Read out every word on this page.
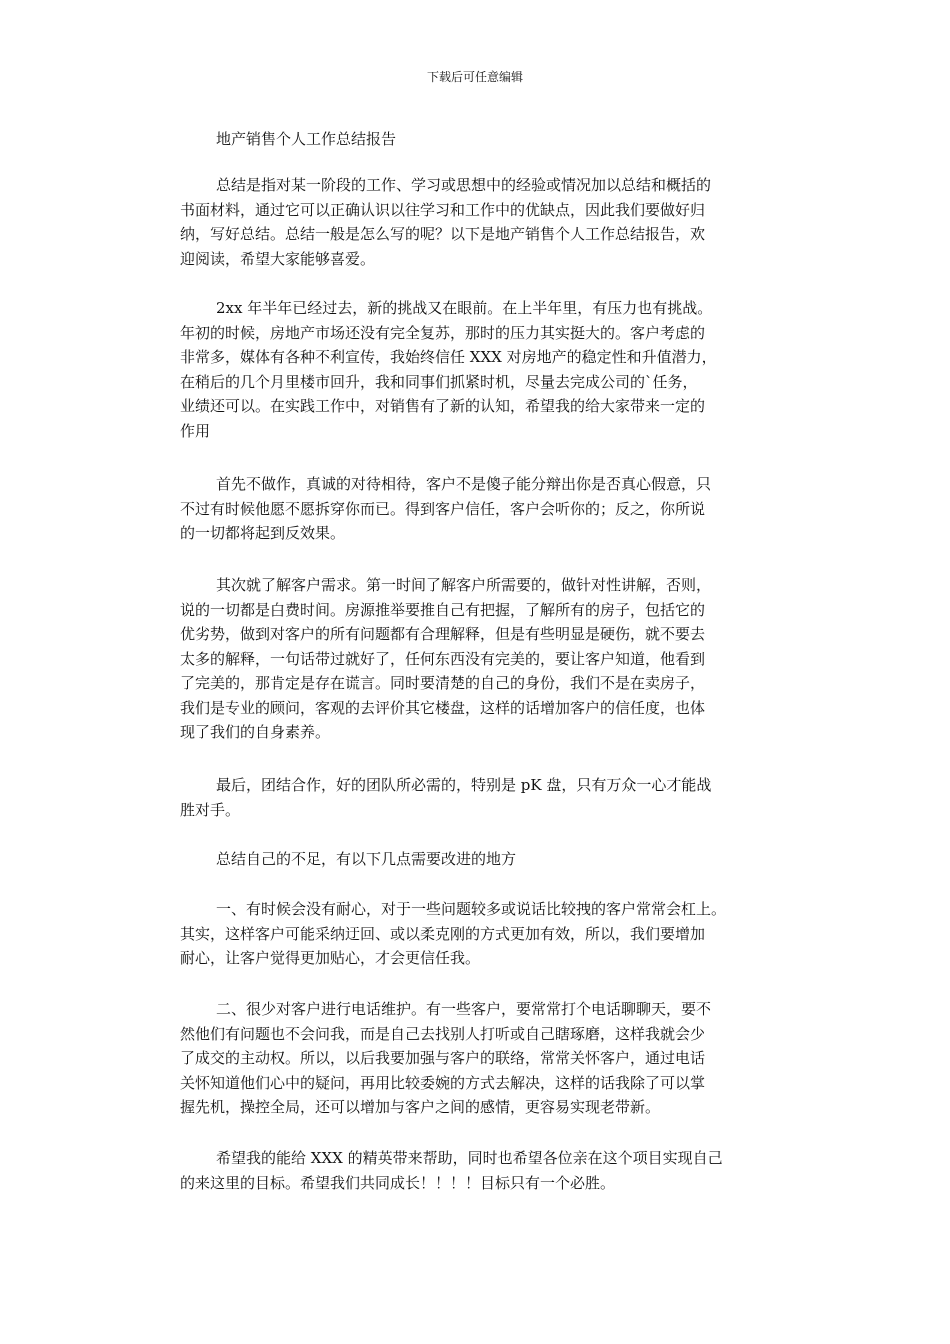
下载后可任意编辑
地产销售个人工作总结报告
总结是指对某一阶段的工作、学习或思想中的经验或情况加以总结和概括的
书面材料，通过它可以正确认识以往学习和工作中的优缺点，因此我们要做好归
纳，写好总结。总结一般是怎么写的呢？以下是地产销售个人工作总结报告，欢
迎阅读，希望大家能够喜爱。
2xx 年半年已经过去，新的挑战又在眼前。在上半年里，有压力也有挑战。
年初的时候，房地产市场还没有完全复苏，那时的压力其实挺大的。客户考虑的
非常多，媒体有各种不利宣传，我始终信任 XXX 对房地产的稳定性和升值潜力，
在稍后的几个月里楼市回升，我和同事们抓紧时机，尽量去完成公司的`任务，
业绩还可以。在实践工作中，对销售有了新的认知，希望我的给大家带来一定的
作用
首先不做作，真诚的对待相待，客户不是傻子能分辩出你是否真心假意，只
不过有时候他愿不愿拆穿你而已。得到客户信任，客户会听你的；反之，你所说
的一切都将起到反效果。
其次就了解客户需求。第一时间了解客户所需要的，做针对性讲解，否则，
说的一切都是白费时间。房源推举要推自己有把握，了解所有的房子，包括它的
优劣势，做到对客户的所有问题都有合理解释，但是有些明显是硬伤，就不要去
太多的解释，一句话带过就好了，任何东西没有完美的，要让客户知道，他看到
了完美的，那肯定是存在谎言。同时要清楚的自己的身份，我们不是在卖房子，
我们是专业的顾问，客观的去评价其它楼盘，这样的话增加客户的信任度，也体
现了我们的自身素养。
最后，团结合作，好的团队所必需的，特别是 pK 盘，只有万众一心才能战
胜对手。
总结自己的不足，有以下几点需要改进的地方
一、有时候会没有耐心，对于一些问题较多或说话比较拽的客户常常会杠上。
其实，这样客户可能采纳迂回、或以柔克刚的方式更加有效，所以，我们要增加
耐心，让客户觉得更加贴心，才会更信任我。
二、很少对客户进行电话维护。有一些客户，要常常打个电话聊聊天，要不
然他们有问题也不会问我，而是自己去找别人打听或自己瞎琢磨，这样我就会少
了成交的主动权。所以，以后我要加强与客户的联络，常常关怀客户，通过电话
关怀知道他们心中的疑问，再用比较委婉的方式去解决，这样的话我除了可以掌
握先机，操控全局，还可以增加与客户之间的感情，更容易实现老带新。
希望我的能给 XXX 的精英带来帮助，同时也希望各位亲在这个项目实现自己
的来这里的目标。希望我们共同成长！！！！目标只有一个必胜。
